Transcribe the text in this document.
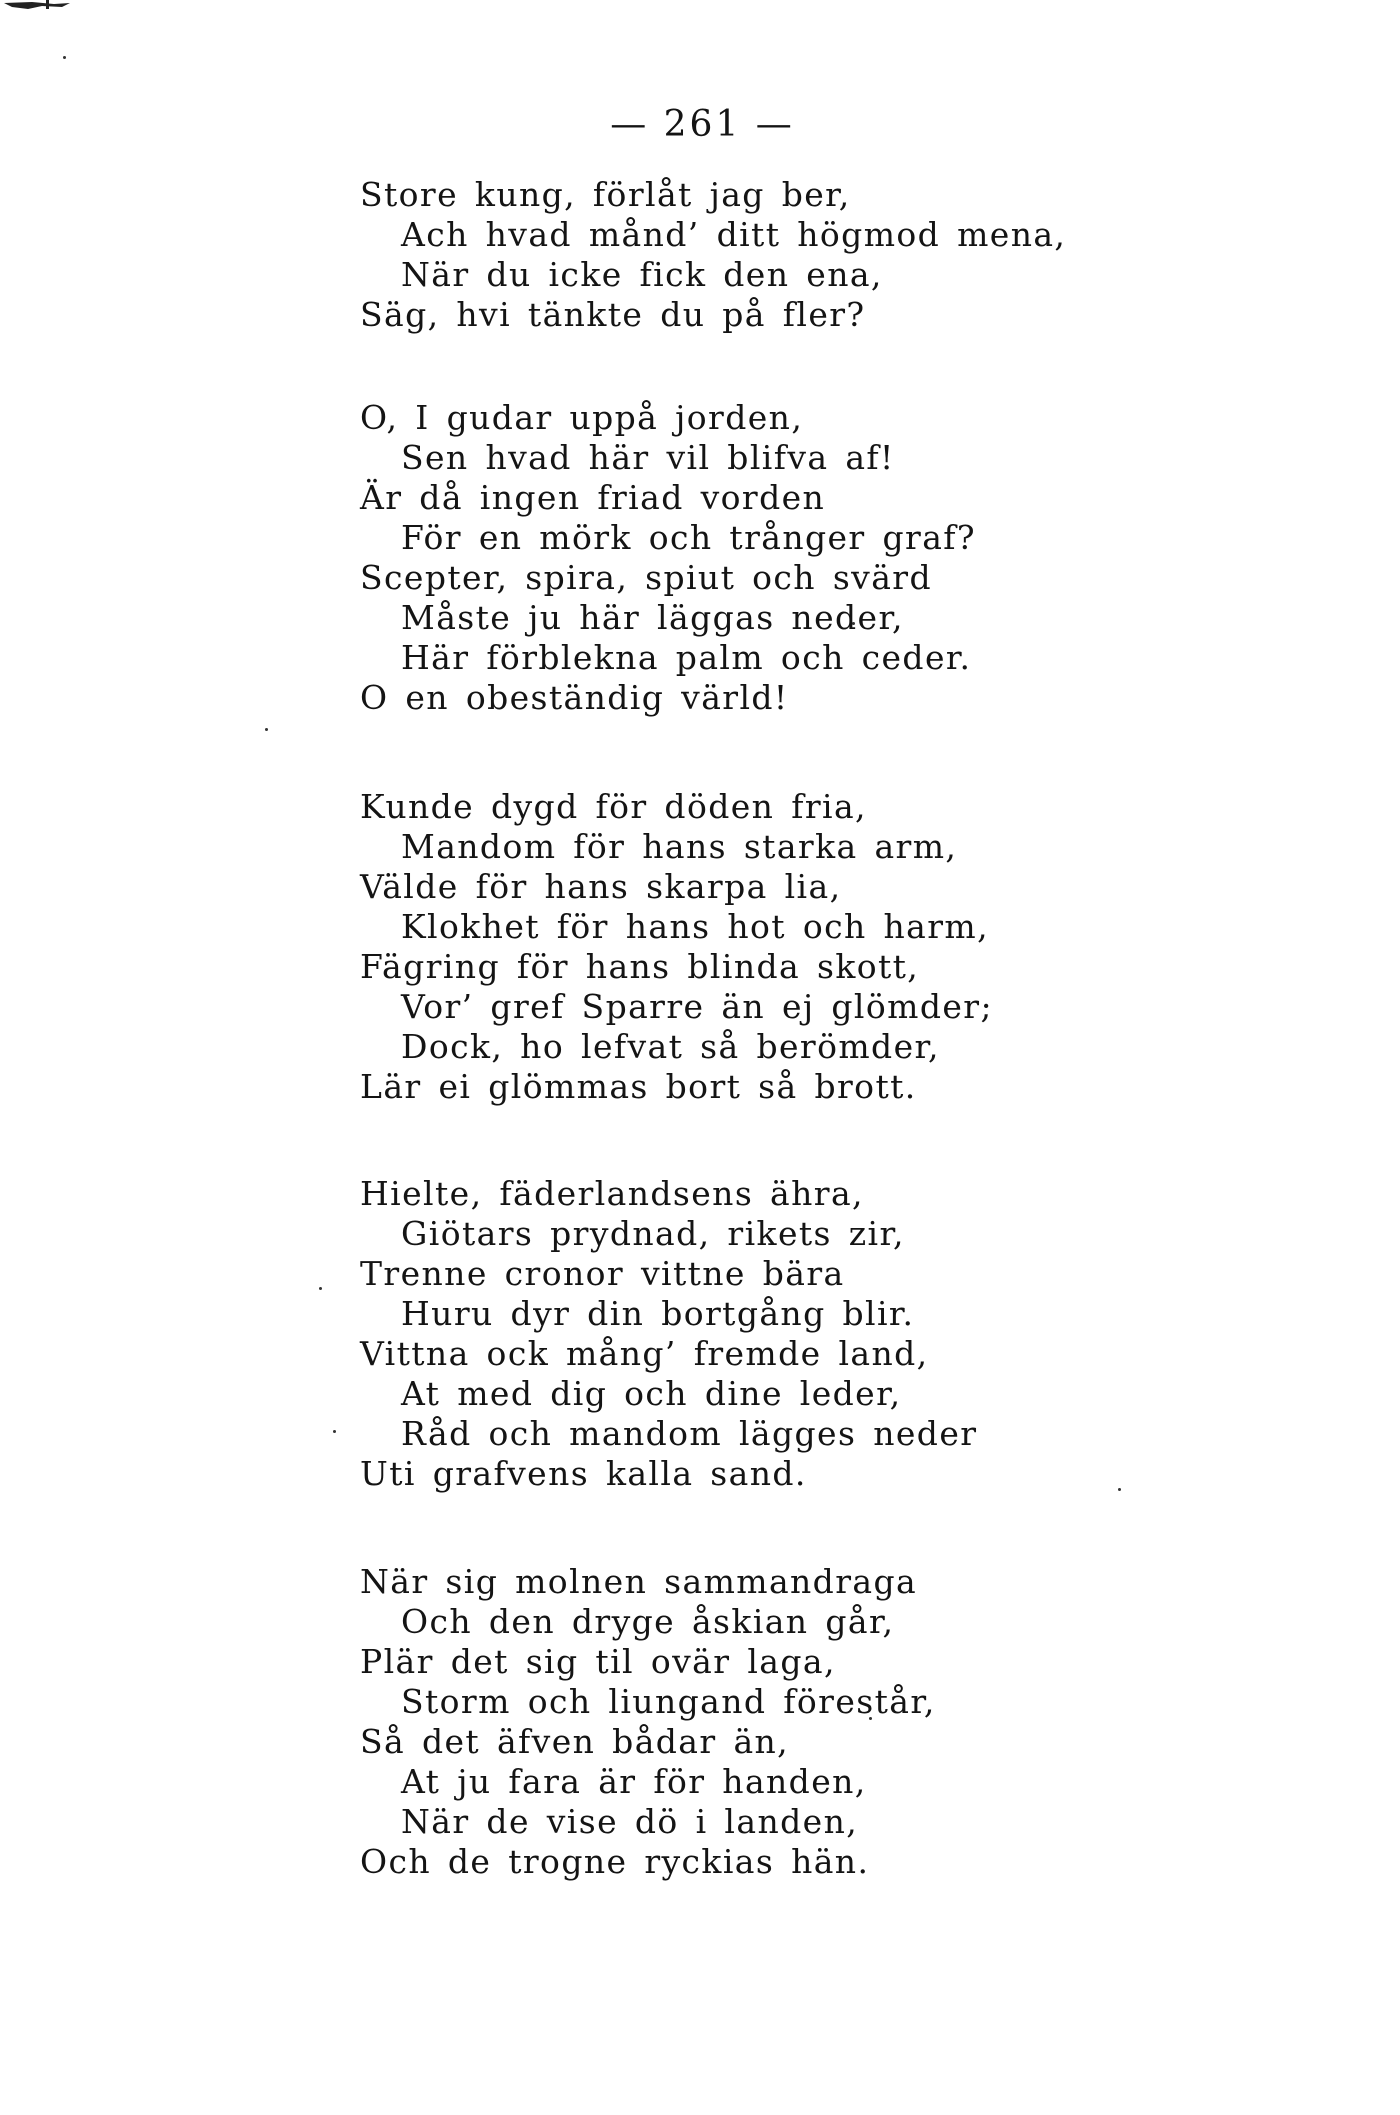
— 261 —
Store kung, förlåt jag ber,
Ach hvad månd’ ditt högmod mena,
När du icke fick den ena,
Säg, hvi tänkte du på fler?
O, I gudar uppå jorden,
Sen hvad här vil blifva af!
Är då ingen friad vorden
För en mörk och trånger graf?
Scepter, spira, spiut och svärd
Måste ju här läggas neder,
Här förblekna palm och ceder.
O en obeständig värld!
Kunde dygd för döden fria,
Mandom för hans starka arm,
Välde för hans skarpa lia,
Klokhet för hans hot och harm,
Fägring för hans blinda skott,
Vor’ gref Sparre än ej glömder;
Dock, ho lefvat så berömder,
Lär ei glömmas bort så brott.
Hielte, fäderlandsens ähra,
Giötars prydnad, rikets zir,
Trenne cronor vittne bära
Huru dyr din bortgång blir.
Vittna ock mång’ fremde land,
At med dig och dine leder,
Råd och mandom lägges neder
Uti grafvens kalla sand.
När sig molnen sammandraga
Och den dryge åskian går,
Plär det sig til ovär laga,
Storm och liungand förestår,
Så det äfven bådar än,
At ju fara är för handen,
När de vise dö i landen,
Och de trogne ryckias hän.
